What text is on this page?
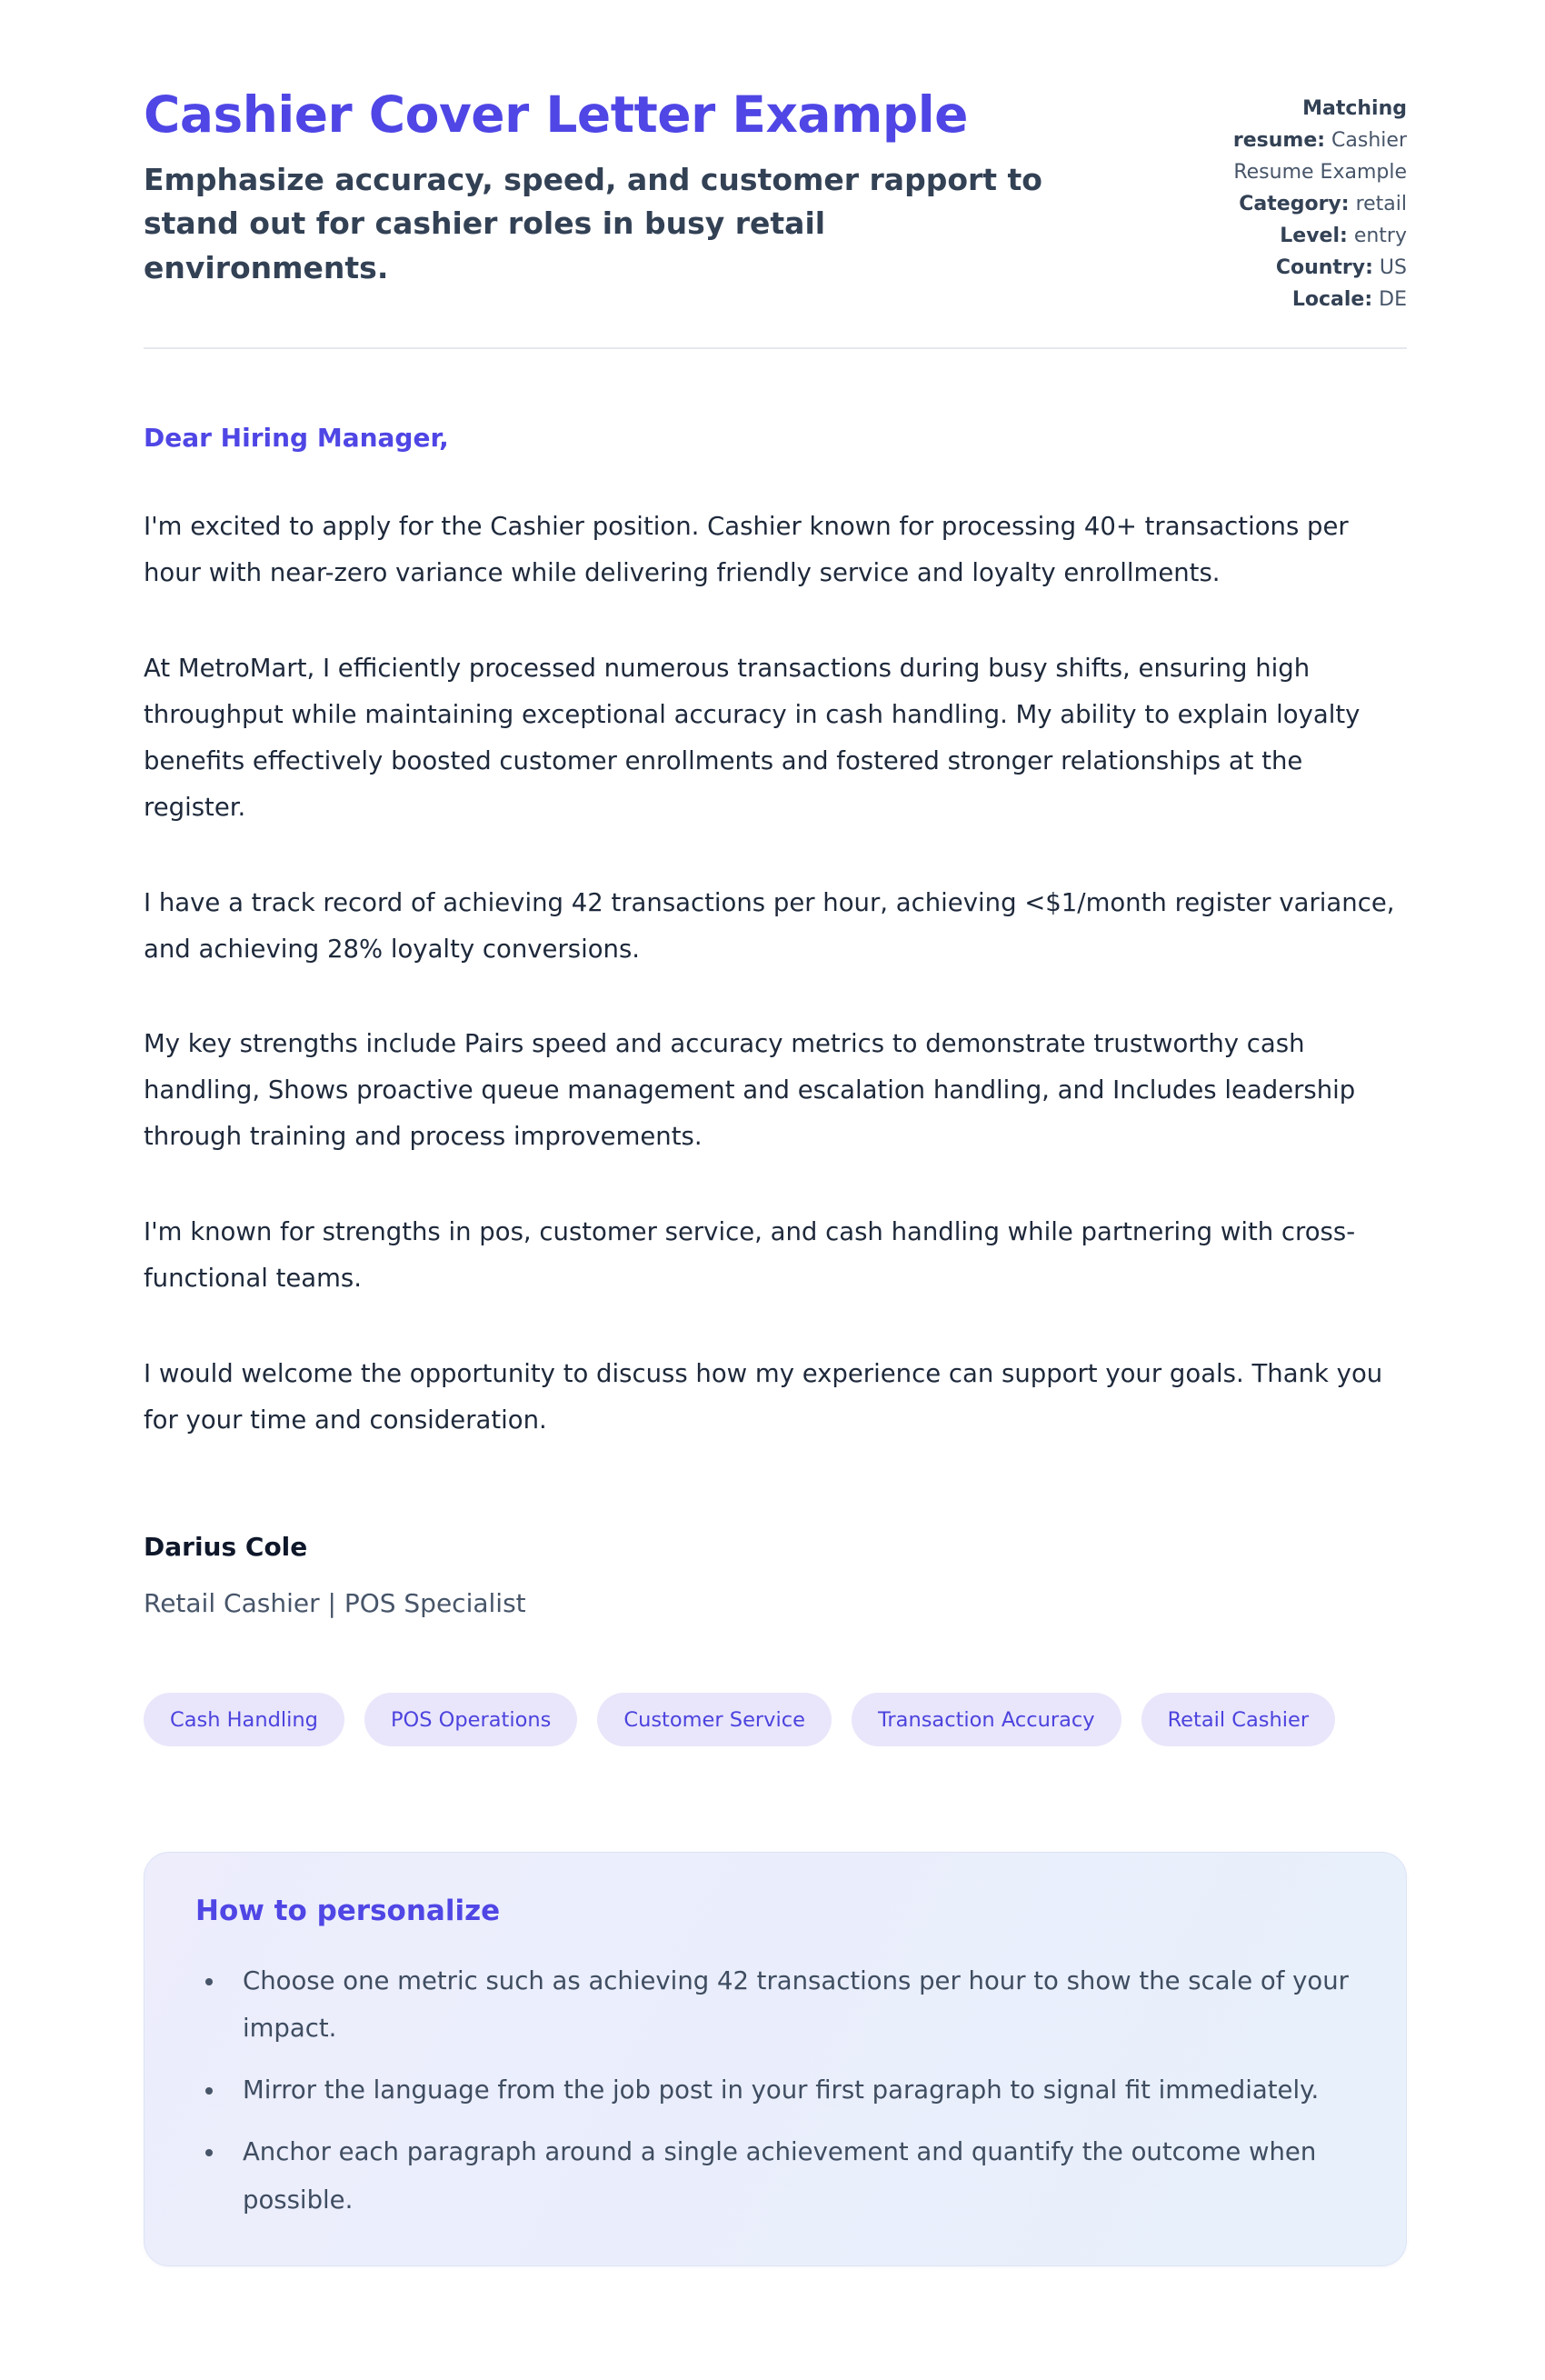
Cashier Cover Letter Example

Emphasize accuracy, speed, and customer rapport to stand out for cashier roles in busy retail environments.

Matching resume: Cashier Resume Example
Category: retail
Level: entry
Country: US
Locale: DE

Dear Hiring Manager,

I'm excited to apply for the Cashier position. Cashier known for processing 40+ transactions per hour with near-zero variance while delivering friendly service and loyalty enrollments.

At MetroMart, I efficiently processed numerous transactions during busy shifts, ensuring high throughput while maintaining exceptional accuracy in cash handling. My ability to explain loyalty benefits effectively boosted customer enrollments and fostered stronger relationships at the register.

I have a track record of achieving 42 transactions per hour, achieving <$1/month register variance, and achieving 28% loyalty conversions.

My key strengths include Pairs speed and accuracy metrics to demonstrate trustworthy cash handling, Shows proactive queue management and escalation handling, and Includes leadership through training and process improvements.

I'm known for strengths in pos, customer service, and cash handling while partnering with cross-functional teams.

I would welcome the opportunity to discuss how my experience can support your goals. Thank you for your time and consideration.

Darius Cole

Retail Cashier | POS Specialist

Cash Handling	POS Operations	Customer Service	Transaction Accuracy	Retail Cashier
How to personalize
• Choose one metric such as achieving 42 transactions per hour to show the scale of your impact.
• Mirror the language from the job post in your first paragraph to signal fit immediately.
• Anchor each paragraph around a single achievement and quantify the outcome when possible.
